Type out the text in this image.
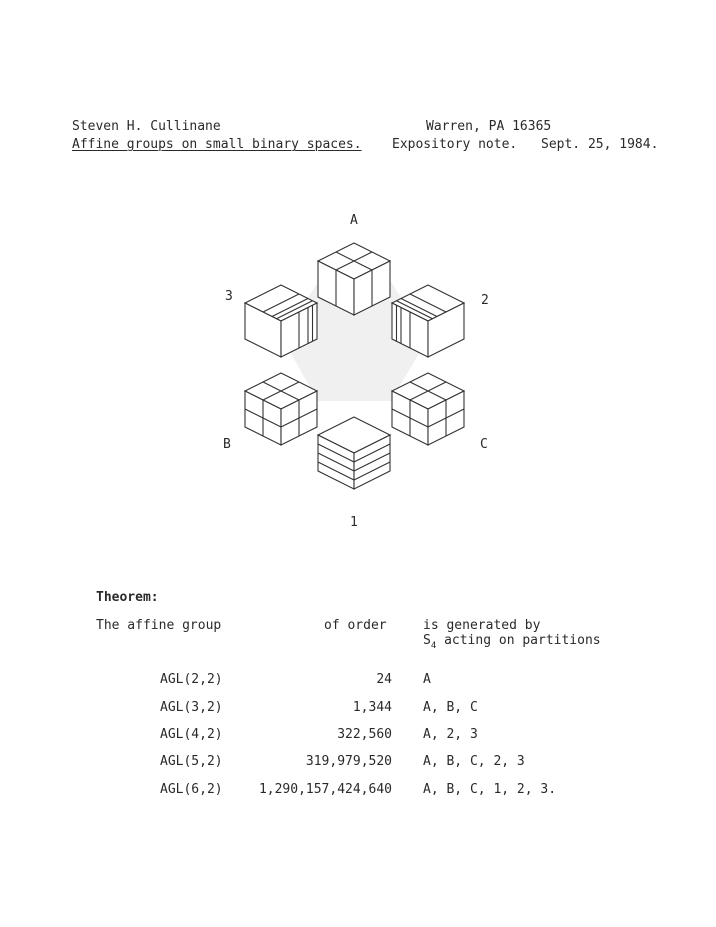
Steven H. Cullinane	Warren, PA 16365
Affine groups on small binary spaces. Expository note. Sept. 25, 1984.
A
3	2
B	C
1
Theorem:
The affine group	of order	is generated by
$S_4$ acting on partitions
AGL(2,2)	24 A
AGL(3,2)	1,344 A, B, C
AGL(4,2)	322,560 A, 2, 3
AGL(5,2)	319,979,520 A, B, C, 2, 3
AGL(6,2)	1,290,157,424,640 A, B, C, 1, 2, 3.
